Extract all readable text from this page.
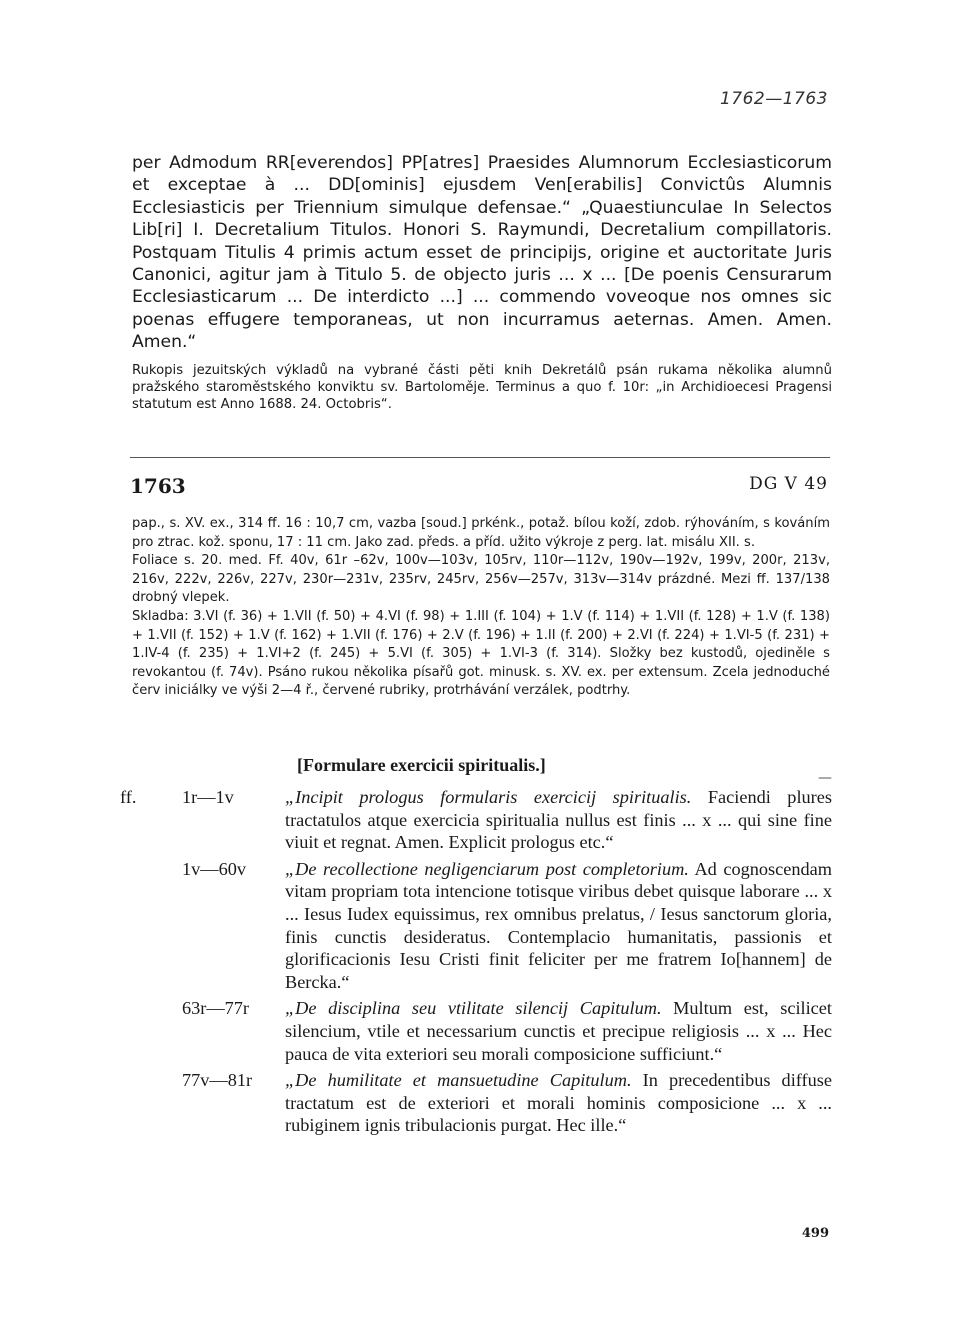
1762—1763

per Admodum RR[everendos] PP[atres] Praesides Alumnorum Ecclesiasticorum et exceptae à ... DD[ominis] ejusdem Ven[erabilis] Convictûs Alumnis Ecclesiasticis per Triennium simulque defensae.“ „Quaestiunculae In Selectos Lib[ri] I. Decretalium Titulos. Honori S. Raymundi, Decretalium compillatoris. Postquam Titulis 4 primis actum esset de principijs, origine et auctoritate Juris Canonici, agitur jam à Titulo 5. de objecto juris ... x ... [De poenis Censurarum Ecclesiasticarum ... De interdicto ...] ... commendo voveoque nos omnes sic poenas effugere temporaneas, ut non incurramus aeternas. Amen. Amen. Amen.“

Rukopis jezuitských výkladů na vybrané části pěti knih Dekretálů psán rukama několika alumnů pražského staroměstského konviktu sv. Bartoloměje. Terminus a quo f. 10r: „in Archidioecesi Pragensi statutum est Anno 1688. 24. Octobris“.
1763	DG V 49

pap., s. XV. ex., 314 ff. 16 : 10,7 cm, vazba [soud.] prkénk., potaž. bílou koží, zdob. rýhováním, s kováním pro ztrac. kož. sponu, 17 : 11 cm. Jako zad. předs. a příd. užito výkroje z perg. lat. misálu XII. s.

Foliace s. 20. med. Ff. 40v, 61r –62v, 100v—103v, 105rv, 110r—112v, 190v—192v, 199v, 200r, 213v, 216v, 222v, 226v, 227v, 230r—231v, 235rv, 245rv, 256v—257v, 313v—314v prázdné. Mezi ff. 137/138 drobný vlepek.

Skladba: 3.VI (f. 36) + 1.VII (f. 50) + 4.VI (f. 98) + 1.III (f. 104) + 1.V (f. 114) + 1.VII (f. 128) + 1.V (f. 138) + 1.VII (f. 152) + 1.V (f. 162) + 1.VII (f. 176) + 2.V (f. 196) + 1.II (f. 200) + 2.VI (f. 224) + 1.VI-5 (f. 231) + 1.IV-4 (f. 235) + 1.VI+2 (f. 245) + 5.VI (f. 305) + 1.VI-3 (f. 314). Složky bez kustodů, ojediněle s revokantou (f. 74v). Psáno rukou několika písařů got. minusk. s. XV. ex. per extensum. Zcela jednoduché červ iniciálky ve výši 2—4 ř., červené rubriky, protrhávání verzálek, podtrhy.

[Formulare exercicii spiritualis.]
—
ff.	1r—1v	„Incipit prologus formularis exercicij spiritualis. Faciendi plures tractatulos atque exercicia spiritualia nullus est finis ... x ... qui sine fine viuit et regnat. Amen. Explicit prologus etc.“
1v—60v	„De recollectione negligenciarum post completorium. Ad cognoscendam vitam propriam tota intencione totisque viribus debet quisque laborare ... x ... Iesus Iudex equissimus, rex omnibus prelatus, / Iesus sanctorum gloria, finis cunctis desideratus. Contemplacio humanitatis, passionis et glorificacionis Iesu Cristi finit feliciter per me fratrem Io[hannem] de Bercka.“
63r—77r	„De disciplina seu vtilitate silencij Capitulum. Multum est, scilicet silencium, vtile et necessarium cunctis et precipue religiosis ... x ... Hec pauca de vita exteriori seu morali composicione sufficiunt.“
77v—81r	„De humilitate et mansuetudine Capitulum. In precedentibus diffuse tractatum est de exteriori et morali hominis composicione ... x ... rubiginem ignis tribulacionis purgat. Hec ille.“
499
